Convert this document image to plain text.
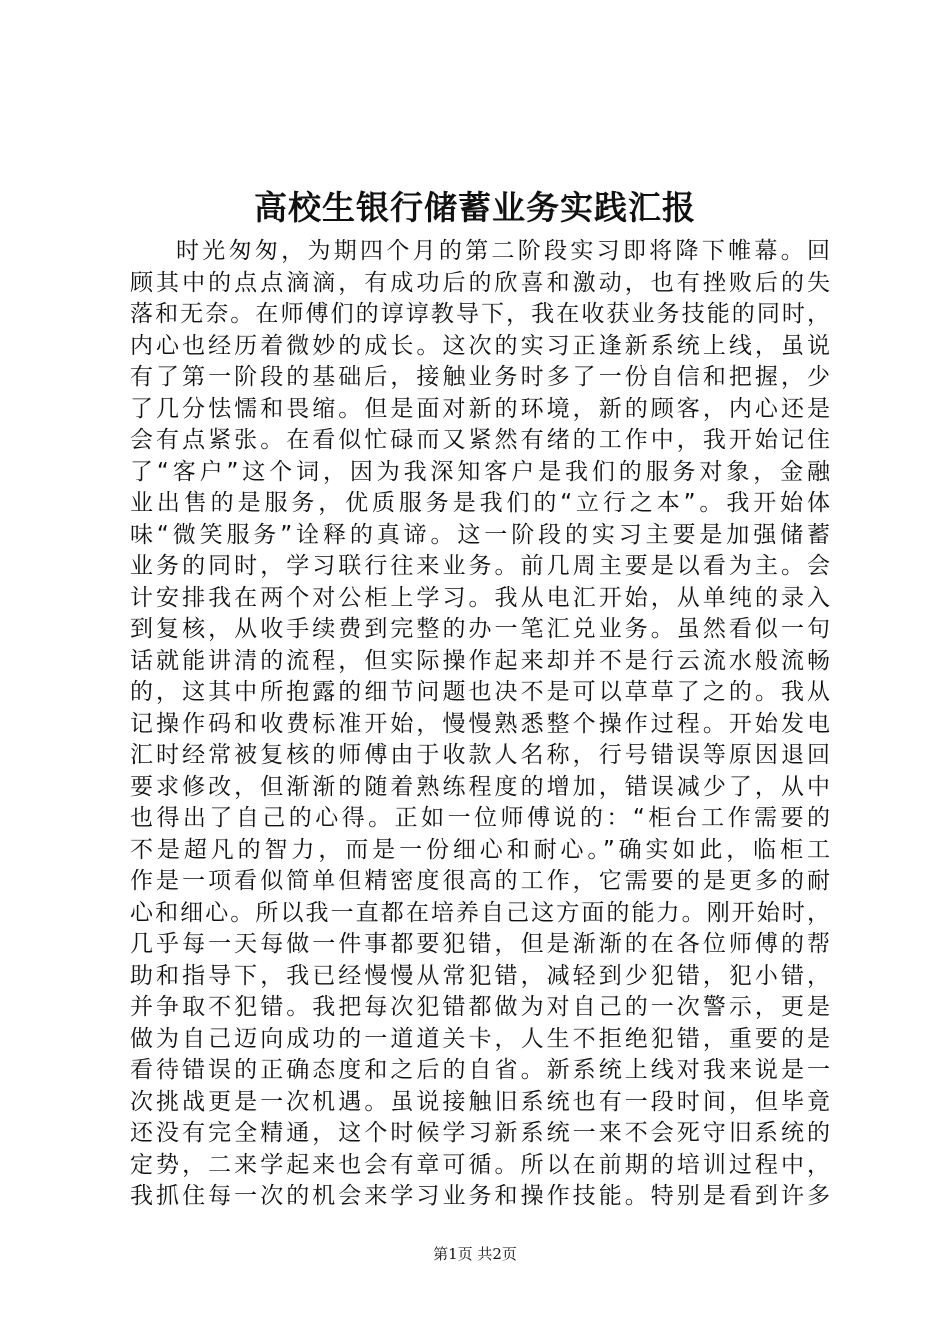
高校生银行储蓄业务实践汇报
时光匆匆，为期四个月的第二阶段实习即将降下帷幕。回
顾其中的点点滴滴，有成功后的欣喜和激动，也有挫败后的失
落和无奈。在师傅们的谆谆教导下，我在收获业务技能的同时，
内心也经历着微妙的成长。这次的实习正逢新系统上线，虽说
有了第一阶段的基础后，接触业务时多了一份自信和把握，少
了几分怯懦和畏缩。但是面对新的环境，新的顾客，内心还是
会有点紧张。在看似忙碌而又紧然有绪的工作中，我开始记住
了“客户”这个词，因为我深知客户是我们的服务对象，金融
业出售的是服务，优质服务是我们的“立行之本”。我开始体
味“微笑服务”诠释的真谛。这一阶段的实习主要是加强储蓄
业务的同时，学习联行往来业务。前几周主要是以看为主。会
计安排我在两个对公柜上学习。我从电汇开始，从单纯的录入
到复核，从收手续费到完整的办一笔汇兑业务。虽然看似一句
话就能讲清的流程，但实际操作起来却并不是行云流水般流畅
的，这其中所抱露的细节问题也决不是可以草草了之的。我从
记操作码和收费标准开始，慢慢熟悉整个操作过程。开始发电
汇时经常被复核的师傅由于收款人名称，行号错误等原因退回
要求修改，但渐渐的随着熟练程度的增加，错误减少了，从中
也得出了自己的心得。正如一位师傅说的：“柜台工作需要的
不是超凡的智力，而是一份细心和耐心。”确实如此，临柜工
作是一项看似简单但精密度很高的工作，它需要的是更多的耐
心和细心。所以我一直都在培养自己这方面的能力。刚开始时，
几乎每一天每做一件事都要犯错，但是渐渐的在各位师傅的帮
助和指导下，我已经慢慢从常犯错，减轻到少犯错，犯小错，
并争取不犯错。我把每次犯错都做为对自己的一次警示，更是
做为自己迈向成功的一道道关卡，人生不拒绝犯错，重要的是
看待错误的正确态度和之后的自省。新系统上线对我来说是一
次挑战更是一次机遇。虽说接触旧系统也有一段时间，但毕竟
还没有完全精通，这个时候学习新系统一来不会死守旧系统的
定势，二来学起来也会有章可循。所以在前期的培训过程中，
我抓住每一次的机会来学习业务和操作技能。特别是看到许多
第1页 共2页
